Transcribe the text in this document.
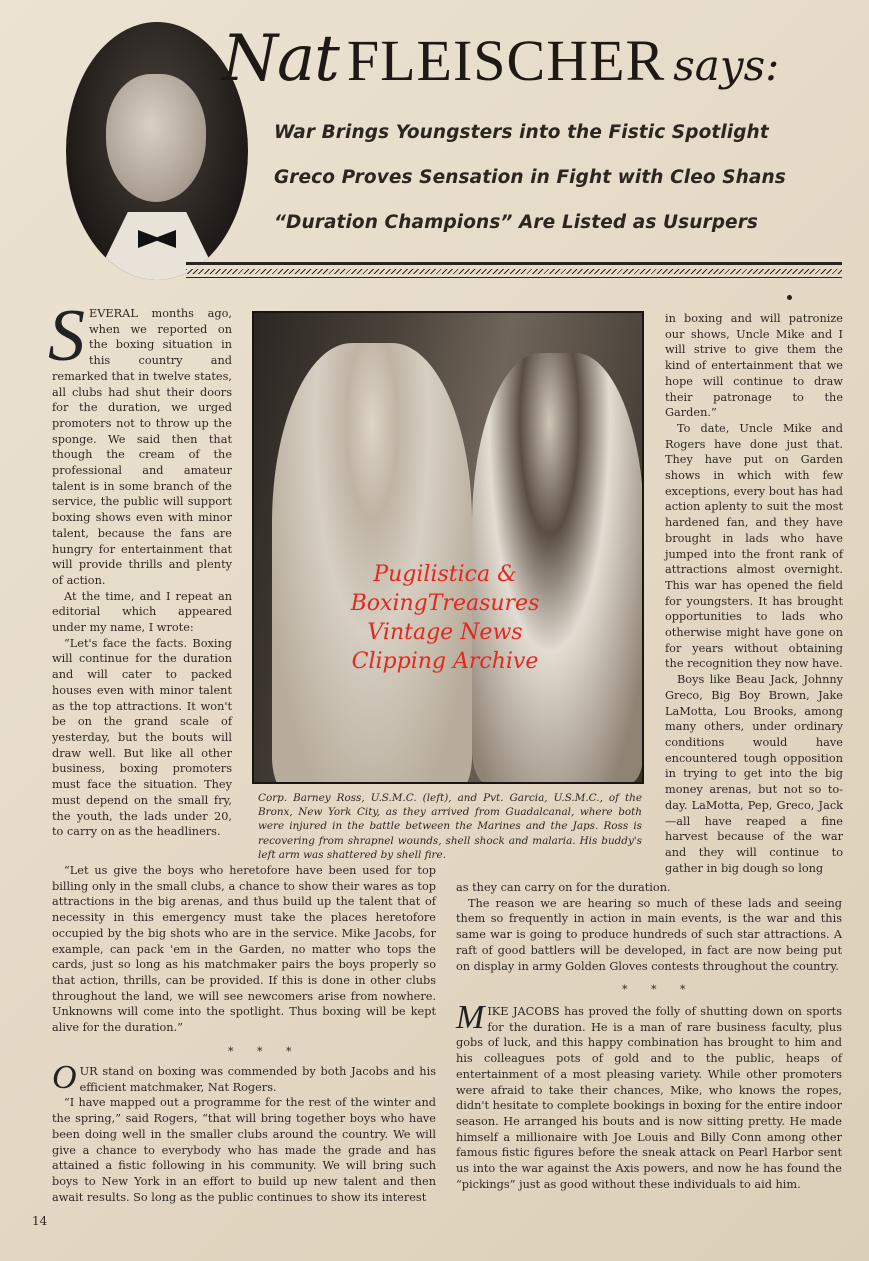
Nat FLEISCHER says:
War Brings Youngsters into the Fistic Spotlight
Greco Proves Sensation in Fight with Cleo Shans
“Duration Champions” Are Listed as Usurpers

SEVERAL months ago, when we reported on the boxing situation in this country and remarked that in twelve states, all clubs had shut their doors for the duration, we urged promoters not to throw up the sponge. We said then that though the cream of the professional and amateur talent is in some branch of the service, the public will support boxing shows even with minor talent, because the fans are hungry for entertainment that will provide thrills and plenty of action.

At the time, and I repeat an editorial which appeared under my name, I wrote:

“Let's face the facts. Boxing will continue for the duration and will cater to packed houses even with minor talent as the top attractions. It won't be on the grand scale of yesterday, but the bouts will draw well. But like all other business, boxing promoters must face the situation. They must depend on the small fry, the youth, the lads under 20, to carry on as the headliners.

Pugilistica &
BoxingTreasures
Vintage News
Clipping Archive
Corp. Barney Ross, U.S.M.C. (left), and Pvt. Garcia, U.S.M.C., of the Bronx, New York City, as they arrived from Guadalcanal, where both were injured in the battle between the Marines and the Japs. Ross is recovering from shrapnel wounds, shell shock and malaria. His buddy's left arm was shattered by shell fire.

in boxing and will patronize our shows, Uncle Mike and I will strive to give them the kind of entertainment that we hope will continue to draw their patronage to the Garden.”

To date, Uncle Mike and Rogers have done just that. They have put on Garden shows in which with few exceptions, every bout has had action aplenty to suit the most hardened fan, and they have brought in lads who have jumped into the front rank of attractions almost overnight. This war has opened the field for youngsters. It has brought opportunities to lads who otherwise might have gone on for years without obtaining the recognition they now have.

Boys like Beau Jack, Johnny Greco, Big Boy Brown, Jake LaMotta, Lou Brooks, among many others, under ordinary conditions would have encountered tough opposition in trying to get into the big money arenas, but not so to-day. LaMotta, Pep, Greco, Jack—all have reaped a fine harvest because of the war and they will continue to gather in big dough so long

“Let us give the boys who heretofore have been used for top billing only in the small clubs, a chance to show their wares as top attractions in the big arenas, and thus build up the talent that of necessity in this emergency must take the places heretofore occupied by the big shots who are in the service. Mike Jacobs, for example, can pack 'em in the Garden, no matter who tops the cards, just so long as his matchmaker pairs the boys properly so that action, thrills, can be provided. If this is done in other clubs throughout the land, we will see newcomers arise from nowhere. Unknowns will come into the spotlight. Thus boxing will be kept alive for the duration.”

* * *

OUR stand on boxing was commended by both Jacobs and his efficient matchmaker, Nat Rogers.

“I have mapped out a programme for the rest of the winter and the spring,” said Rogers, “that will bring together boys who have been doing well in the smaller clubs around the country. We will give a chance to everybody who has made the grade and has attained a fistic following in his community. We will bring such boys to New York in an effort to build up new talent and then await results. So long as the public continues to show its interest

as they can carry on for the duration.

The reason we are hearing so much of these lads and seeing them so frequently in action in main events, is the war and this same war is going to produce hundreds of such star attractions. A raft of good battlers will be developed, in fact are now being put on display in army Golden Gloves contests throughout the country.

* * *

MIKE JACOBS has proved the folly of shutting down on sports for the duration. He is a man of rare business faculty, plus gobs of luck, and this happy combination has brought to him and his colleagues pots of gold and to the public, heaps of entertainment of a most pleasing variety. While other promoters were afraid to take their chances, Mike, who knows the ropes, didn't hesitate to complete bookings in boxing for the entire indoor season. He arranged his bouts and is now sitting pretty. He made himself a millionaire with Joe Louis and Billy Conn among other famous fistic figures before the sneak attack on Pearl Harbor sent us into the war against the Axis powers, and now he has found the “pickings” just as good without these individuals to aid him.

14
